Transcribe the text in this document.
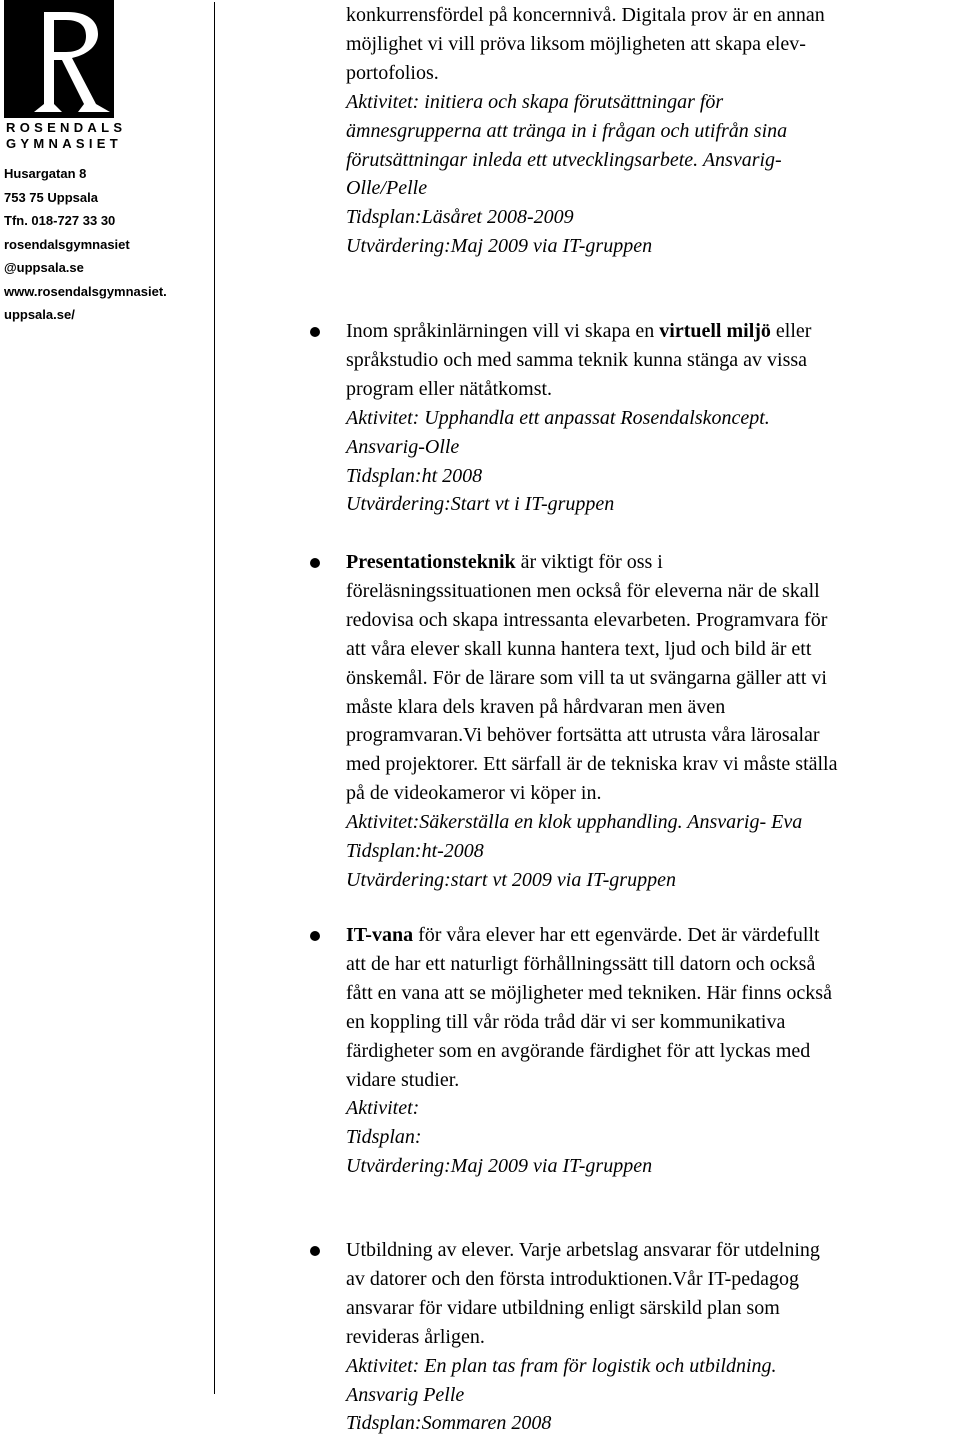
ROSENDALS
GYMNASIET
Husargatan 8
753 75 Uppsala
Tfn. 018-727 33 30
rosendalsgymnasiet
@uppsala.se
www.rosendalsgymnasiet.
uppsala.se/

konkurrensfördel på koncernnivå. Digitala prov är en annan

möjlighet vi vill pröva liksom möjligheten att skapa elev-

portofolios.

Aktivitet: initiera och skapa förutsättningar för

ämnesgrupperna att tränga in i frågan och utifrån sina

förutsättningar inleda ett utvecklingsarbete. Ansvarig-

Olle/Pelle

Tidsplan:Läsåret 2008-2009

Utvärdering:Maj 2009 via IT-gruppen

Inom språkinlärningen vill vi skapa en virtuell miljö eller

språkstudio och med samma teknik kunna stänga av vissa

program eller nätåtkomst.

Aktivitet: Upphandla ett anpassat Rosendalskoncept.

Ansvarig-Olle

Tidsplan:ht 2008

Utvärdering:Start vt i IT-gruppen

Presentationsteknik är viktigt för oss i

föreläsningssituationen men också för eleverna när de skall

redovisa och skapa intressanta elevarbeten. Programvara för

att våra elever skall kunna hantera text, ljud och bild är ett

önskemål. För de lärare som vill ta ut svängarna gäller att vi

måste klara dels kraven på hårdvaran men även

programvaran.Vi behöver fortsätta att utrusta våra lärosalar

med projektorer. Ett särfall är de tekniska krav vi måste ställa

på de videokameror vi köper in.

Aktivitet:Säkerställa en klok upphandling. Ansvarig- Eva

Tidsplan:ht-2008

Utvärdering:start vt 2009 via IT-gruppen

IT-vana för våra elever har ett egenvärde. Det är värdefullt

att de har ett naturligt förhållningssätt till datorn och också

fått en vana att se möjligheter med tekniken. Här finns också

en koppling till vår röda tråd där vi ser kommunikativa

färdigheter som en avgörande färdighet för att lyckas med

vidare studier.

Aktivitet:

Tidsplan:

Utvärdering:Maj 2009 via IT-gruppen

Utbildning av elever. Varje arbetslag ansvarar för utdelning

av datorer och den första introduktionen.Vår IT-pedagog

ansvarar för vidare utbildning enligt särskild plan som

revideras årligen.

Aktivitet: En plan tas fram för logistik och utbildning.

Ansvarig Pelle

Tidsplan:Sommaren 2008
